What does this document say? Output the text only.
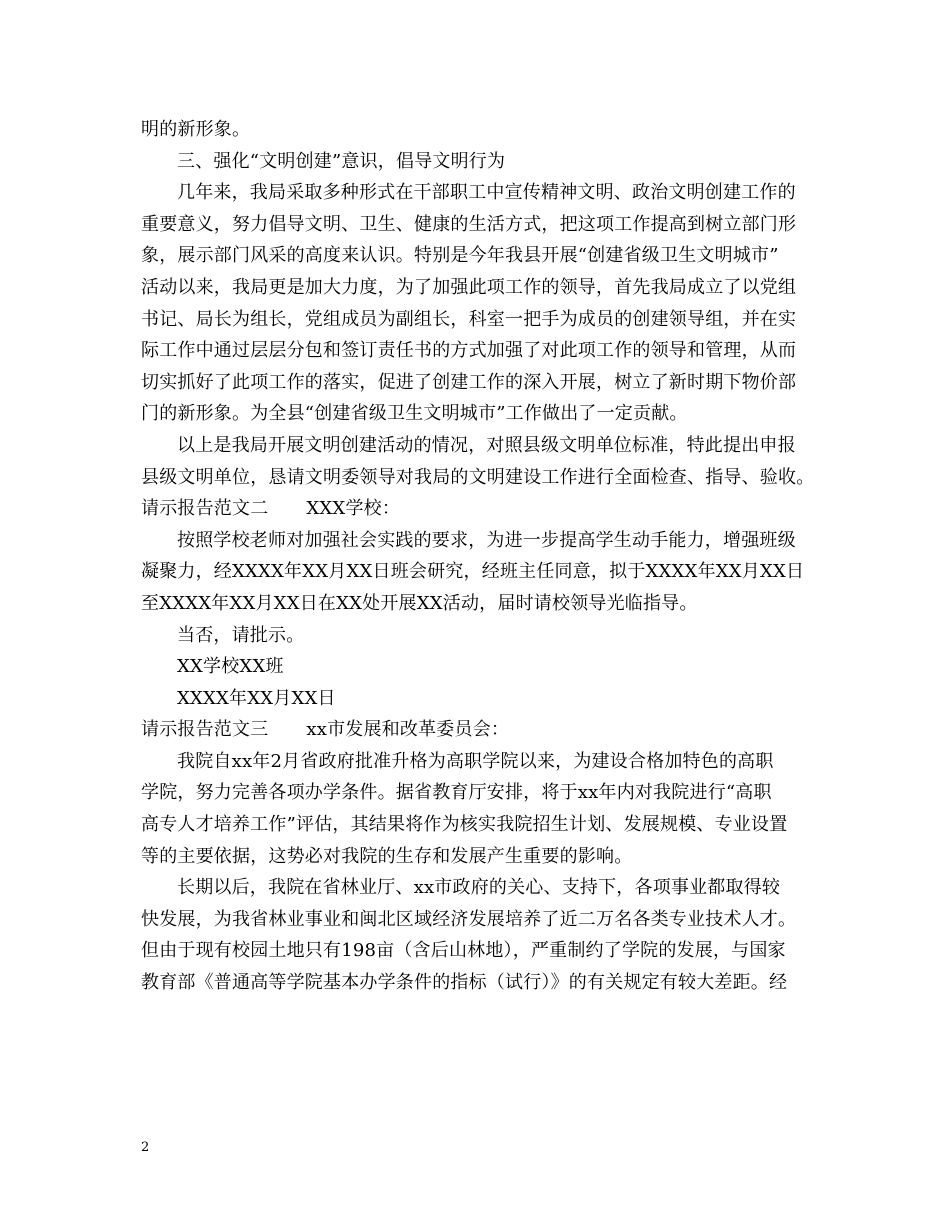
明的新形象。
三、强化“文明创建”意识，倡导文明行为
几年来，我局采取多种形式在干部职工中宣传精神文明、政治文明创建工作的
重要意义，努力倡导文明、卫生、健康的生活方式，把这项工作提高到树立部门形
象，展示部门风采的高度来认识。特别是今年我县开展“创建省级卫生文明城市”
活动以来，我局更是加大力度，为了加强此项工作的领导，首先我局成立了以党组
书记、局长为组长，党组成员为副组长，科室一把手为成员的创建领导组，并在实
际工作中通过层层分包和签订责任书的方式加强了对此项工作的领导和管理，从而
切实抓好了此项工作的落实，促进了创建工作的深入开展，树立了新时期下物价部
门的新形象。为全县“创建省级卫生文明城市”工作做出了一定贡献。
以上是我局开展文明创建活动的情况，对照县级文明单位标准，特此提出申报
县级文明单位，恳请文明委领导对我局的文明建设工作进行全面检查、指导、验收。
请示报告范文二 XXX学校：
按照学校老师对加强社会实践的要求，为进一步提高学生动手能力，增强班级
凝聚力，经XXXX年XX月XX日班会研究，经班主任同意，拟于XXXX年XX月XX日
至XXXX年XX月XX日在XX处开展XX活动，届时请校领导光临指导。
当否，请批示。
XX学校XX班
XXXX年XX月XX日
请示报告范文三 xx市发展和改革委员会：
我院自xx年2月省政府批准升格为高职学院以来，为建设合格加特色的高职
学院，努力完善各项办学条件。据省教育厅安排，将于xx年内对我院进行“高职
高专人才培养工作”评估，其结果将作为核实我院招生计划、发展规模、专业设置
等的主要依据，这势必对我院的生存和发展产生重要的影响。
长期以后，我院在省林业厅、xx市政府的关心、支持下，各项事业都取得较
快发展，为我省林业事业和闽北区域经济发展培养了近二万名各类专业技术人才。
但由于现有校园土地只有198亩（含后山林地），严重制约了学院的发展，与国家
教育部《普通高等学院基本办学条件的指标（试行）》的有关规定有较大差距。经
2
